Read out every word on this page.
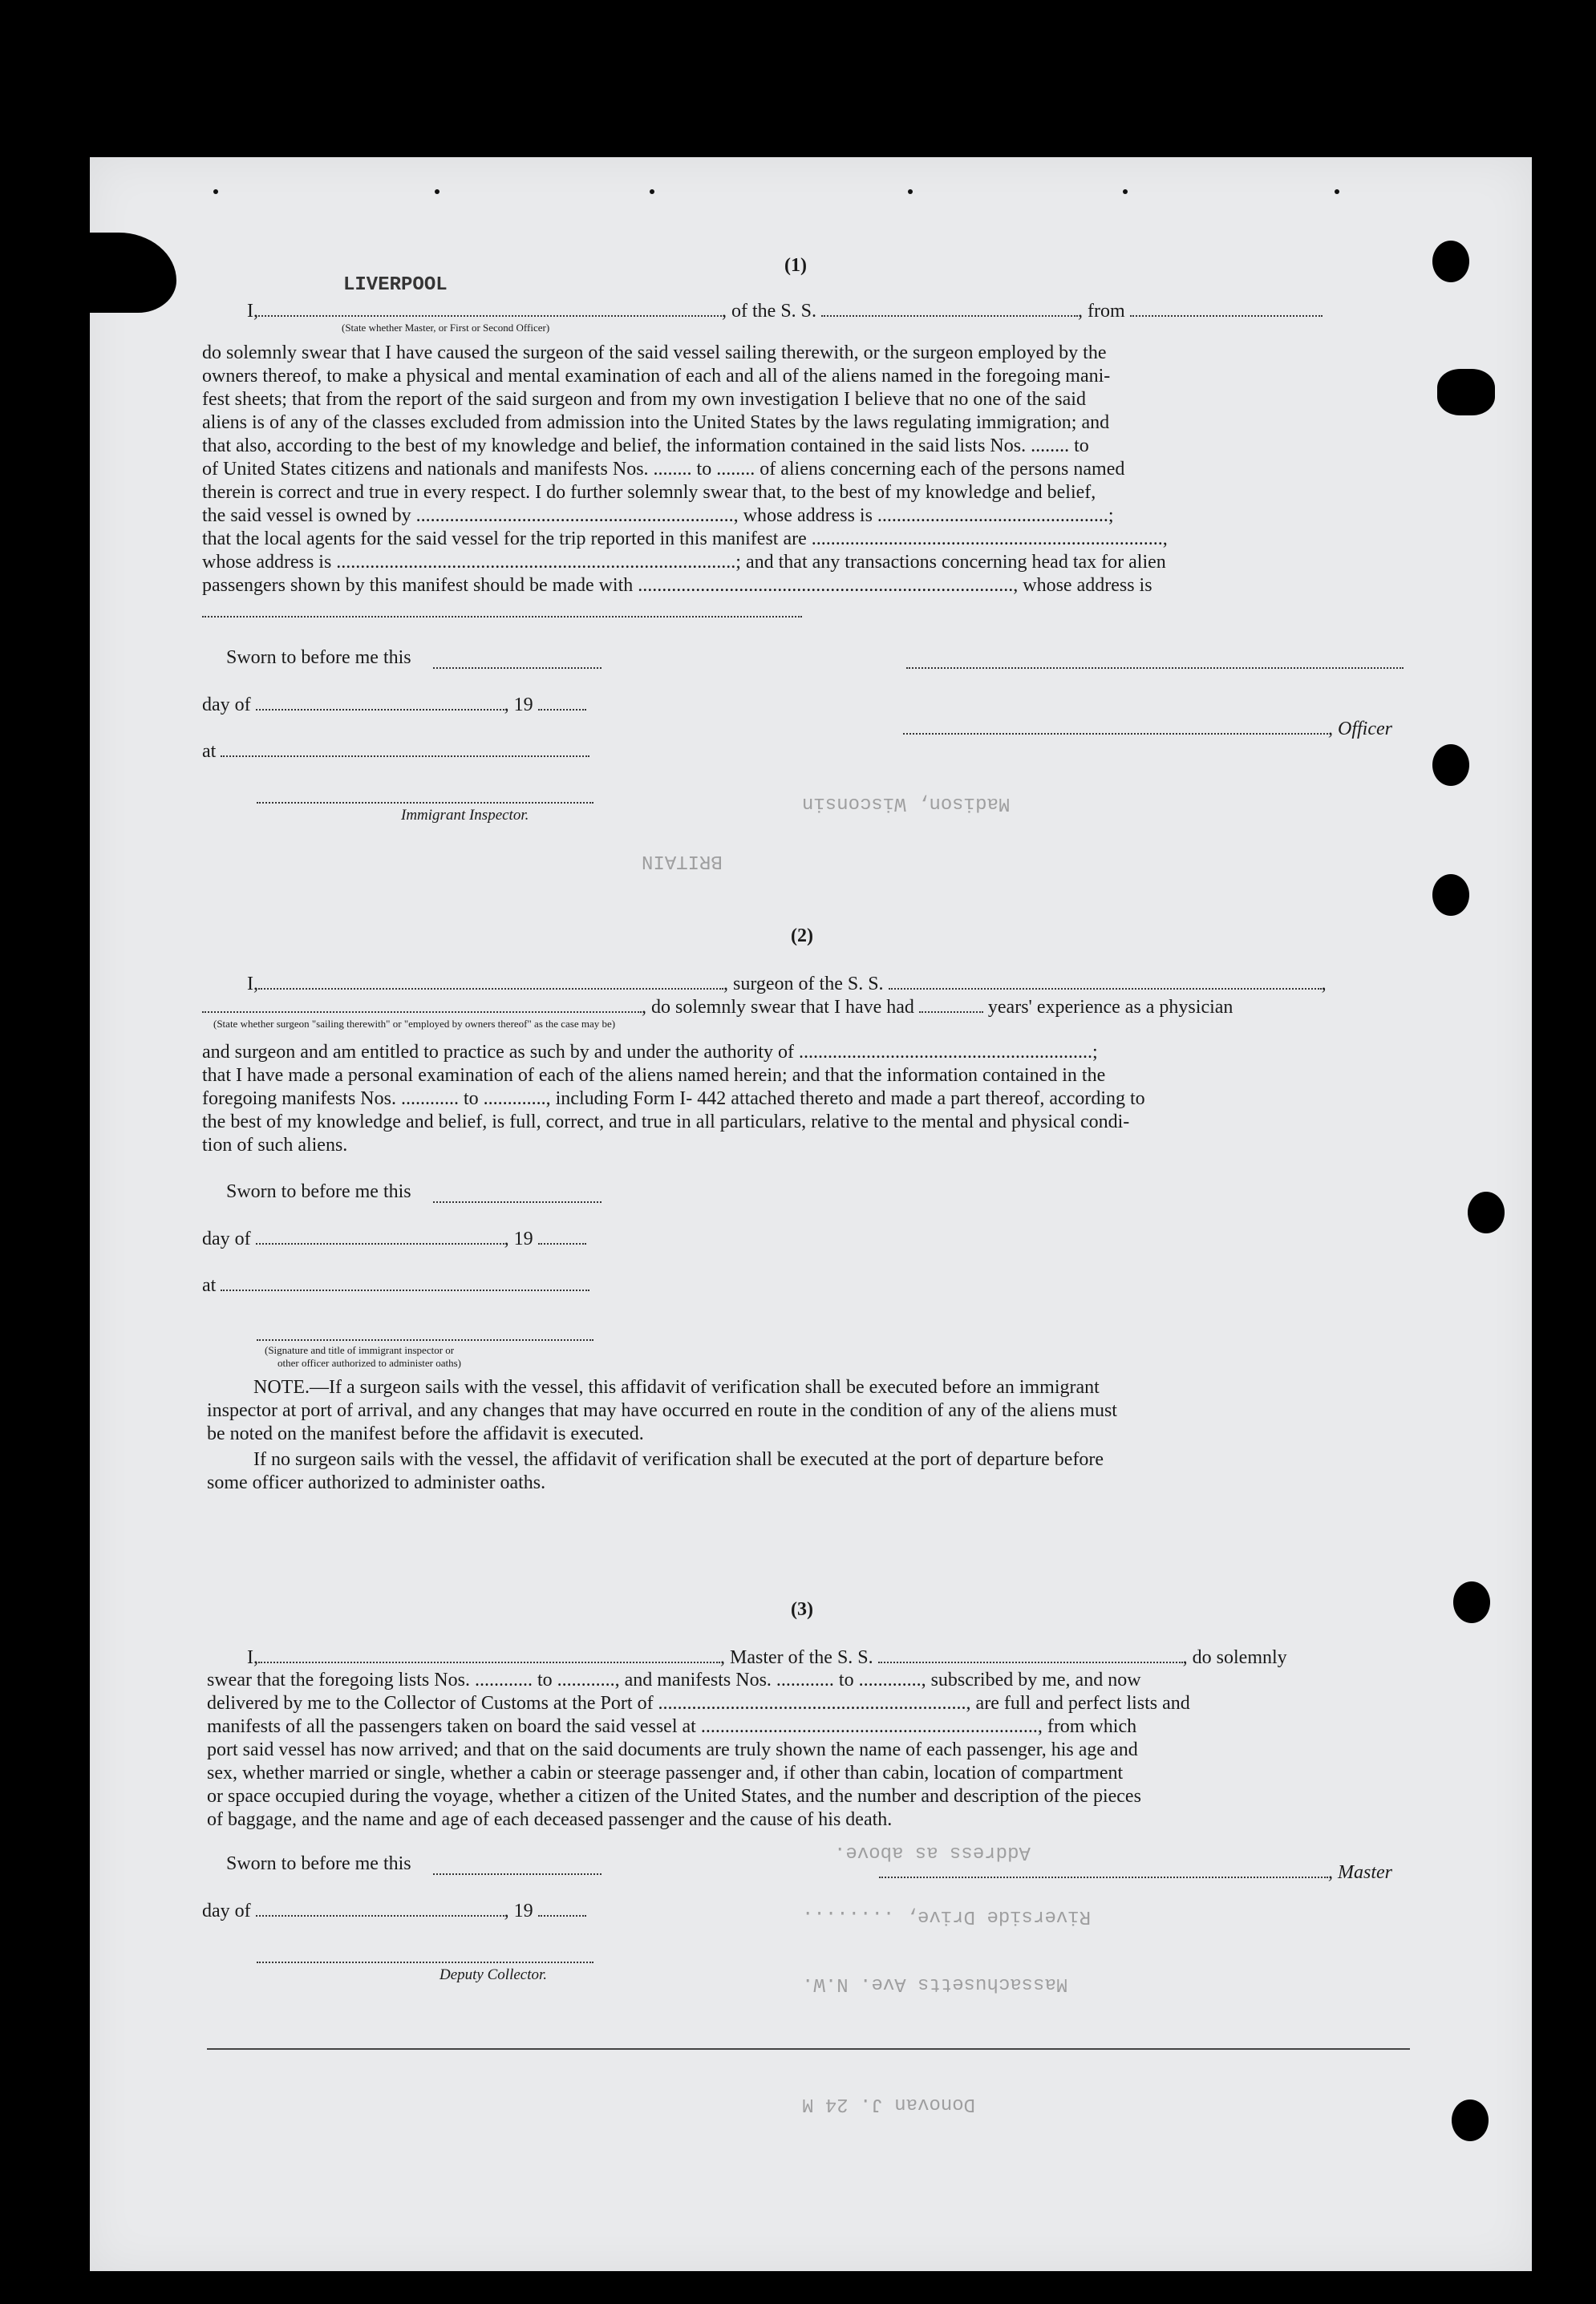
Address as above.
BRITAIN
Riverside Drive, ........
Massachusetts Ave. N.W.
Madison, Wisconsin
Donovan J. 24 M
(1)
LIVERPOOL
I,	, of the S. S.	, from
(State whether Master, or First or Second Officer)
do solemnly swear that I have caused the surgeon of the said vessel sailing therewith, or the surgeon employed by the
owners thereof, to make a physical and mental examination of each and all of the aliens named in the foregoing mani-
fest sheets; that from the report of the said surgeon and from my own investigation I believe that no one of the said
aliens is of any of the classes excluded from admission into the United States by the laws regulating immigration; and
that also, according to the best of my knowledge and belief, the information contained in the said lists Nos. ........ to
of United States citizens and nationals and manifests Nos. ........ to ........ of aliens concerning each of the persons named
therein is correct and true in every respect. I do further solemnly swear that, to the best of my knowledge and belief,
the said vessel is owned by .................................................................., whose address is ................................................;
that the local agents for the said vessel for the trip reported in this manifest are .........................................................................,
whose address is ...................................................................................; and that any transactions concerning head tax for alien
passengers shown by this manifest should be made with .............................................................................., whose address is
Sworn to before me this
day of	, 19
, Officer
at
Immigrant Inspector.
(2)
I,	, surgeon of the S. S.	,
, do solemnly swear that I have had	years' experience as a physician
(State whether surgeon "sailing therewith" or "employed by owners thereof" as the case may be)
and surgeon and am entitled to practice as such by and under the authority of .............................................................;
that I have made a personal examination of each of the aliens named herein; and that the information contained in the
foregoing manifests Nos. ............ to ............., including Form I- 442 attached thereto and made a part thereof, according to
the best of my knowledge and belief, is full, correct, and true in all particulars, relative to the mental and physical condi-
tion of such aliens.
Sworn to before me this
day of	, 19
at
(Signature and title of immigrant inspector or
other officer authorized to administer oaths)
NOTE.—If a surgeon sails with the vessel, this affidavit of verification shall be executed before an immigrant
inspector at port of arrival, and any changes that may have occurred en route in the condition of any of the aliens must
be noted on the manifest before the affidavit is executed.
If no surgeon sails with the vessel, the affidavit of verification shall be executed at the port of departure before
some officer authorized to administer oaths.
(3)
I,	, Master of the S. S.	, do solemnly
swear that the foregoing lists Nos. ............ to ............, and manifests Nos. ............ to ............., subscribed by me, and now
delivered by me to the Collector of Customs at the Port of ................................................................, are full and perfect lists and
manifests of all the passengers taken on board the said vessel at ......................................................................, from which
port said vessel has now arrived; and that on the said documents are truly shown the name of each passenger, his age and
sex, whether married or single, whether a cabin or steerage passenger and, if other than cabin, location of compartment
or space occupied during the voyage, whether a citizen of the United States, and the number and description of the pieces
of baggage, and the name and age of each deceased passenger and the cause of his death.
Sworn to before me this	, Master
day of	, 19
Deputy Collector.
